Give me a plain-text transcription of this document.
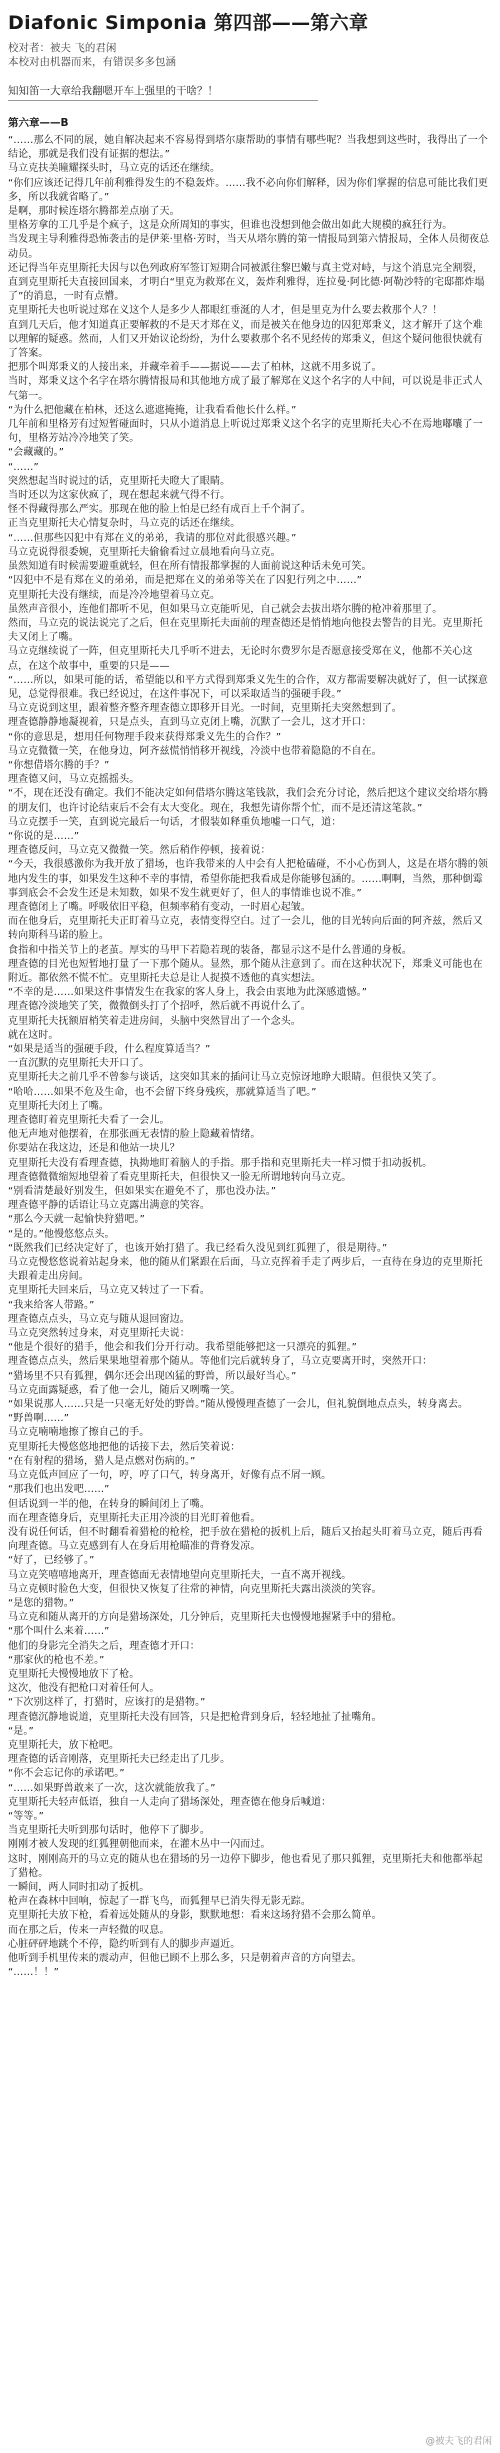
Diafonic Simponia 第四部——第六章
校对者：被夫 飞的君闲
本校对由机器而来，有错误多多包涵
知知笛一大章给我翻嗯开车上强里的干啥？！
第六章——B

“……那么不同的展，她自解决起来不容易得到塔尔康帮助的事情有哪些呢？当我想到这些时，我得出了一个结论，那就是我们没有证据的想法。”

马立克扶美瞳耀探头时，马立克的话还在继续。

“你们应该还记得几年前利雅得发生的不稳轰炸。……我不必向你们解释，因为你们掌握的信息可能比我们更多，所以我就省略了。”

是啊，那时候连塔尔腾都差点崩了天。

里格芳拿的工几乎是个疯子，这是众所周知的事实，但谁也没想到他会做出如此大规模的疯狂行为。

当发现主导利雅得恐怖袭击的是伊莱·里格·芳时，当天从塔尔腾的第一情报局到第六情报局，全体人员彻夜总动员。

还记得当年克里斯托夫因与以色列政府军签订短期合同被派往黎巴嫩与真主党对峙，与这个消息完全割裂，直到克里斯托夫直接回国来，才明白“里克为救郑在义，轰炸利雅得，连拉曼·阿比德·阿勒沙特的宅邸都炸塌了”的消息，一时有点懵。

克里斯托夫也听说过郑在义这个人是多少人都眼红垂涎的人才，但是里克为什么要去救那个人？！

直到几天后，他才知道真正要解救的不是天才郑在义，而是被关在他身边的囚犯郑秉义，这才解开了这个难以理解的疑惑。然而，人们又开始议论纷纷，为什么要救那个名不见经传的郑秉义，但这个疑问他很快就有了答案。

把那个叫郑秉义的人接出来，并藏牵着手——据说——去了柏林，这就不用多说了。

当时，郑秉义这个名字在塔尔腾情报局和其他地方成了最了解郑在义这个名字的人中间，可以说是非正式人气第一。

“为什么把他藏在柏林，还这么遮遮掩掩，让我看看他长什么样。”

几年前和里格芳有过短暂碰面时，只从小道消息上听说过郑秉义这个名字的克里斯托夫心不在焉地嘟囔了一句，里格芳站冷冷地笑了笑。

“会藏藏的。”

“……”

突然想起当时说过的话，克里斯托夫瞪大了眼睛。

当时还以为这家伙疯了，现在想起来就气得不行。

怪不得藏得那么严实。那现在他的脸上怕是已经有成百上千个洞了。

正当克里斯托夫心情复杂时，马立克的话还在继续。

“……但那些囚犯中有郑在义的弟弟，我请的那位对此很感兴趣。”

马立克说得很委婉，克里斯托夫偷偷看过立晨地看向马立克。

虽然知道有时候需要避重就轻，但在所有情报都掌握的人面前说这种话未免可笑。

“囚犯中不是有郑在义的弟弟，而是把郑在义的弟弟等关在了囚犯行列之中……”

克里斯托夫没有继续，而是冷冷地望着马立克。

虽然声音很小，连他们都听不见，但如果马立克能听见，自己就会去拔出塔尔腾的枪冲着那里了。

然而，马立克的说法说完了之后，但在克里斯托夫面前的理查德还是悄悄地向他投去警告的目光。克里斯托夫又闭上了嘴。

马立克继续说了一阵，但克里斯托夫几乎听不进去，无论时尔费罗尔是否愿意接受郑在义，他都不关心这点，在这个故事中，重要的只是——

“……所以，如果可能的话，希望能以和平方式得到郑秉义先生的合作，双方都需要解决就好了，但一试探意见，总觉得很难。我已经说过，在这件事况下，可以采取适当的强硬手段。”

马立克说到这里，跟着整齐整齐理查德立即移开目光。一时间，克里斯托夫突然想到了。

理查德静静地凝视着，只是点头，直到马立克闭上嘴，沉默了一会儿，这才开口：

“你的意思是，想用任何物理手段来获得郑秉义先生的合作？”

马立克微微一笑，在他身边，阿齐兹慌悄悄移开视线，冷淡中也带着隐隐的不自在。

“你想借塔尔腾的手？”

理查德又问，马立克摇摇头。

“不，现在还没有确定。我们不能决定如何借塔尔腾这笔钱款，我们会充分讨论，然后把这个建议交给塔尔腾的朋友们，也许讨论结束后不会有太大变化。现在，我想先请你帮个忙，而不是还清这笔款。”

马立克摆手一笑，直到说完最后一句话，才假装如释重负地嘘一口气，道：

“你说的是……”

理查德反问，马立克又微微一笑。然后稍作停顿，接着说：

“今天，我很感激你为我开放了猎场，也许我带来的人中会有人把枪磕碰，不小心伤到人，这是在塔尔腾的领地内发生的事，如果发生这种不幸的事情，希望你能把我看成是你能够包涵的。……啊啊，当然，那种倒霉事到底会不会发生还是未知数，如果不发生就更好了，但人的事情谁也说不准。”

理查德闭上了嘴。呼吸依旧平稳，但频率稍有变动，一时眉心起皱。

而在他身后，克里斯托夫正盯着马立克，表情变得空白。过了一会儿，他的目光转向后面的阿齐兹，然后又转向斯科马诺的脸上。

食指和中指关节上的老茧。厚实的马甲下若隐若现的装备，都显示这不是什么普通的身板。

理查德的目光也短暂地打量了一下那个随从。显然，那个随从注意到了。而在这种状况下，郑秉义可能也在附近。都依然不慌不忙。克里斯托夫总是让人捉摸不透他的真实想法。

“不幸的是……如果这件事情发生在我家的客人身上，我会由衷地为此深感遗憾。”

理查德冷淡地笑了笑，微微倒头打了个招呼，然后就不再说什么了。

克里斯托夫抚额眉梢笑着走进房间，头脑中突然冒出了一个念头。

就在这时。

“如果是适当的强硬手段，什么程度算适当？”

一直沉默的克里斯托夫开口了。

克里斯托夫之前几乎不曾参与谈话，这突如其来的插问让马立克惊讶地睁大眼睛。但很快又笑了。

“哈哈……如果不危及生命，也不会留下终身残疾，那就算适当了吧。”

克里斯托夫闭上了嘴。

理查德盯着克里斯托夫看了一会儿。

他无声地对他摆着，在那张画无表情的脸上隐藏着情绪。

你要站在我这边，还是和他站一块儿？

克里斯托夫没有看理查德，执拗地盯着脑人的手指。那手指和克里斯托夫一样习惯于扣动扳机。

理查德微微缩短地望着了看克里斯托夫，但很快又一脸无所谓地转向马立克。

“别看清楚最好别发生，但如果实在避免不了，那也没办法。”

理查德平静的话语让马立克露出满意的笑容。

“那么今天就一起愉快狩猎吧。”

“是的。”他慢悠悠点头。

“既然我们已经决定好了，也该开始打猎了。我已经看久没见到红狐狸了，很是期待。”

马立克慢悠悠说着站起身来，他的随从们紧跟在后面，马立克挥着手走了两步后，一直待在身边的克里斯托夫跟着走出房间。

克里斯托夫回来后，马立克又转过了一下看。

“我来给客人带路。”

理查德点点头，马立克与随从退回窗边。

马立克突然转过身来，对克里斯托夫说：

“他是个很好的猎手，他会和我们分开行动。我希望能够把这一只漂亮的狐狸。”

理查德点点头，然后果果地望着那个随从。等他们完后就转身了，马立克要离开时，突然开口：

“猎场里不只有狐狸，偶尔还会出现凶猛的野兽，所以最好当心。”

马立克面露疑惑，看了他一会儿，随后又咧嘴一笑。

“如果说那人……只是一只毫无好处的野兽。”随从慢慢理查德了一会儿，但礼貌倒地点点头，转身离去。

“野兽啊……”

马立克喃喃地擦了擦自己的手。

克里斯托夫慢悠悠地把他的话接下去，然后笑着说：

“在有射程的猎场，猎人是点燃对伤病的。”

马立克低声回应了一句，哼，哼了口气，转身离开，好像有点不屑一顾。

“那我们也出发吧……”

但话说到一半的他，在转身的瞬间闭上了嘴。

而在理查德身后，克里斯托夫正用冷淡的目光盯着他看。

没有说任何话，但不时翻看着猎枪的枪栓，把手放在猎枪的扳机上后，随后又抬起头盯着马立克，随后再看向理查德。马立克感到有人在身后用枪瞄准的背脊发凉。

“好了，已经够了。”

马立克笑嘻嘻地离开，理查德面无表情地望向克里斯托夫，一直不离开视线。

马立克顿时脸色大变，但很快又恢复了往常的神情，向克里斯托夫露出淡淡的笑容。

“是您的猎物。”

马立克和随从离开的方向是猎场深处，几分钟后，克里斯托夫也慢慢地握紧手中的猎枪。

“那个叫什么来着……”

他们的身影完全消失之后，理查德才开口：

“那家伙的枪也不差。”

克里斯托夫慢慢地放下了枪。

这次，他没有把枪口对着任何人。

“下次别这样了，打猎时，应该打的是猎物。”

理查德沉静地说道，克里斯托夫没有回答，只是把枪背到身后，轻轻地扯了扯嘴角。

“是。”

克里斯托夫，放下枪吧。

理查德的话音刚落，克里斯托夫已经走出了几步。

“你不会忘记你的承诺吧。”

“……如果野兽敢来了一次，这次就能放我了。”

克里斯托夫轻声低语，独自一人走向了猎场深处，理查德在他身后喊道：

“等等。”

当克里斯托夫听到那句话时，他停下了脚步。

刚刚才被人发现的红狐狸朝他而来，在灌木丛中一闪而过。

这时，刚刚高开的马立克的随从也在猎场的另一边停下脚步，他也看见了那只狐狸，克里斯托夫和他都举起了猎枪。

一瞬间，两人同时扣动了扳机。

枪声在森林中回响，惊起了一群飞鸟，而狐狸早已消失得无影无踪。

克里斯托夫放下枪，看着远处随从的身影，默默地想：看来这场狩猎不会那么简单。

而在那之后，传来一声轻微的叹息。

心脏砰砰地跳个不停，隐约听到有人的脚步声逼近。

他听到手机里传来的震动声，但他已顾不上那么多，只是朝着声音的方向望去。

“……！！”

@被夫飞的君闲
